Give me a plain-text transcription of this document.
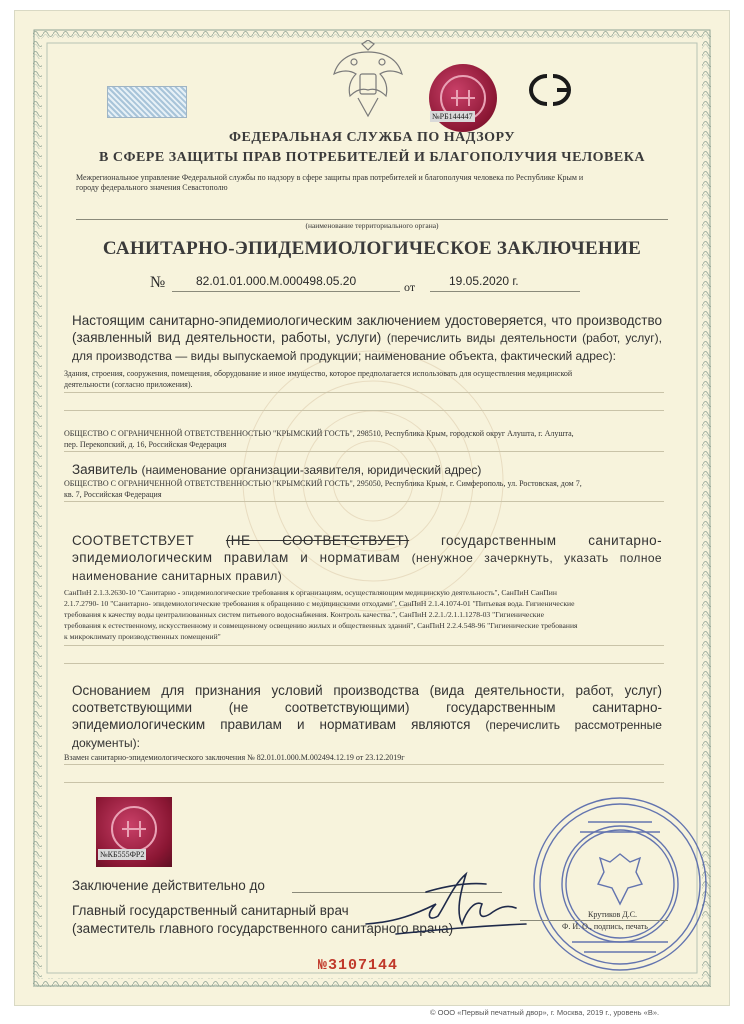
№РБ144447
ФЕДЕРАЛЬНАЯ СЛУЖБА ПО НАДЗОРУ
В СФЕРЕ ЗАЩИТЫ ПРАВ ПОТРЕБИТЕЛЕЙ И БЛАГОПОЛУЧИЯ ЧЕЛОВЕКА
Межрегиональное управление Федеральной службы по надзору в сфере защиты прав потребителей и благополучия человека по Республике Крым и
городу федерального значения Севастополю
(наименование территориального органа)
САНИТАРНО-ЭПИДЕМИОЛОГИЧЕСКОЕ ЗАКЛЮЧЕНИЕ
№	82.01.01.000.М.000498.05.20	от	19.05.2020 г.
Настоящим санитарно-эпидемиологическим заключением удостоверяется, что производство (заявленный вид деятельности, работы, услуги) (перечислить виды деятельности (работ, услуг), для производства — виды выпускаемой продукции; наименование объекта, фактический адрес):
Здания, строения, сооружения, помещения, оборудование и иное имущество, которое предполагается использовать для осуществления медицинской
деятельности (согласно приложения).
ОБЩЕСТВО С ОГРАНИЧЕННОЙ ОТВЕТСТВЕННОСТЬЮ "КРЫМСКИЙ ГОСТЬ", 298510, Республика Крым, городской округ Алушта, г. Алушта,
пер. Перекопский, д. 16, Российская Федерация
Заявитель (наименование организации-заявителя, юридический адрес)
ОБЩЕСТВО С ОГРАНИЧЕННОЙ ОТВЕТСТВЕННОСТЬЮ "КРЫМСКИЙ ГОСТЬ", 295050, Республика Крым, г. Симферополь, ул. Ростовская, дом 7,
кв. 7, Российская Федерация
СООТВЕТСТВУЕТ (НЕ СООТВЕТСТВУЕТ) государственным санитарно- эпидемиологическим правилам и нормативам (ненужное зачеркнуть, указать полное наименование санитарных правил)
СанПиН 2.1.3.2630-10 "Санитарно - эпидемиологические требования к организациям, осуществляющим медицинскую деятельность", СанПиН СанПин
2.1.7.2790- 10 "Санитарно- эпидемиологические требования к обращению с медицинскими отходами", СанПиН 2.1.4.1074-01 "Питьевая вода. Гигиенические
требования к качеству воды централизованных систем питьевого водоснабжения. Контроль качества.", СанПиН 2.2.1./2.1.1.1278-03 "Гигиенические
требования к естественному, искусственному и совмещенному освещению жилых и общественных зданий", СанПиН 2.2.4.548-96 "Гигиенические требования
к микроклимату производственных помещений"
Основанием для признания условий производства (вида деятельности, работ, услуг) соответствующими (не соответствующими) государственным санитарно-эпидемиологическим правилам и нормативам являются (перечислить рассмотренные документы):
Взамен санитарно-эпидемиологического заключения № 82.01.01.000.М.002494.12.19 от 23.12.2019г
№КБ555ФР2
Заключение действительно до
Главный государственный санитарный врач
(заместитель главного государственного санитарного врача)
Крутиков Д.С.
Ф. И. О., подпись, печать
№3107144
© ООО «Первый печатный двор», г. Москва, 2019 г., уровень «В».
